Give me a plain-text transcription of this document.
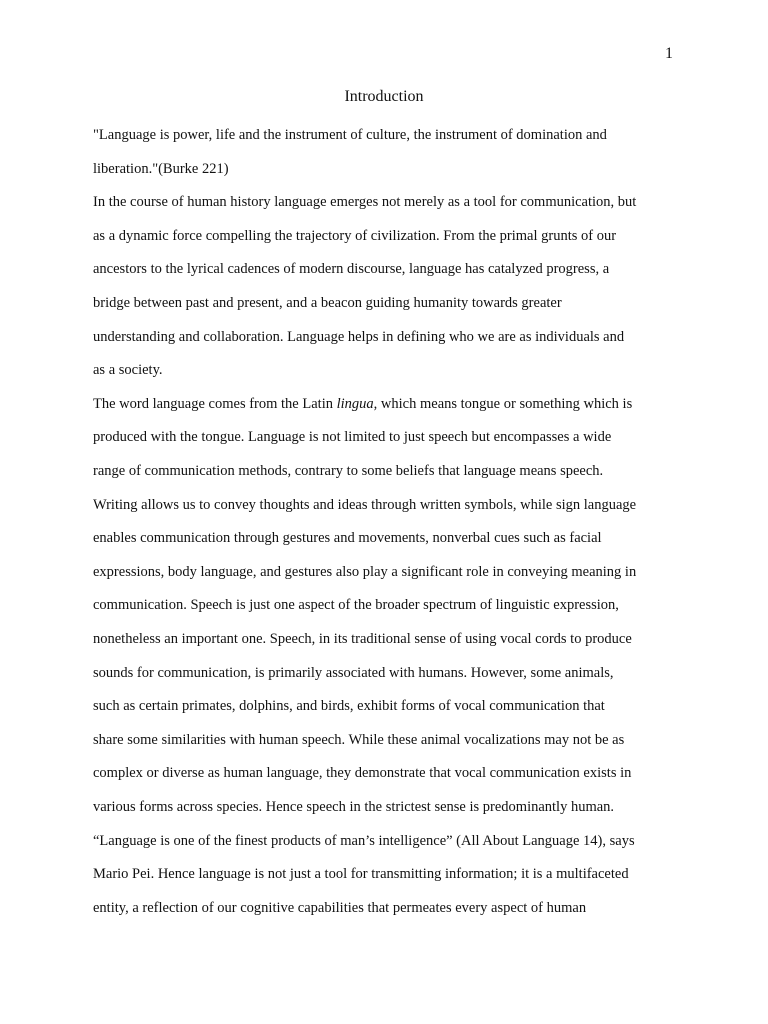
1
Introduction
"Language is power, life and the instrument of culture, the instrument of domination and
liberation."(Burke 221)
In the course of human history language emerges not merely as a tool for communication, but
as a dynamic force compelling the trajectory of civilization. From the primal grunts of our
ancestors to the lyrical cadences of modern discourse, language has catalyzed progress, a
bridge between past and present, and a beacon guiding humanity towards greater
understanding and collaboration. Language helps in defining who we are as individuals and
as a society.
The word language comes from the Latin lingua, which means tongue or something which is
produced with the tongue. Language is not limited to just speech but encompasses a wide
range of communication methods, contrary to some beliefs that language means speech.
Writing allows us to convey thoughts and ideas through written symbols, while sign language
enables communication through gestures and movements, nonverbal cues such as facial
expressions, body language, and gestures also play a significant role in conveying meaning in
communication. Speech is just one aspect of the broader spectrum of linguistic expression,
nonetheless an important one. Speech, in its traditional sense of using vocal cords to produce
sounds for communication, is primarily associated with humans. However, some animals,
such as certain primates, dolphins, and birds, exhibit forms of vocal communication that
share some similarities with human speech. While these animal vocalizations may not be as
complex or diverse as human language, they demonstrate that vocal communication exists in
various forms across species. Hence speech in the strictest sense is predominantly human.
“Language is one of the finest products of man’s intelligence” (All About Language 14), says
Mario Pei. Hence language is not just a tool for transmitting information; it is a multifaceted
entity, a reflection of our cognitive capabilities that permeates every aspect of human
